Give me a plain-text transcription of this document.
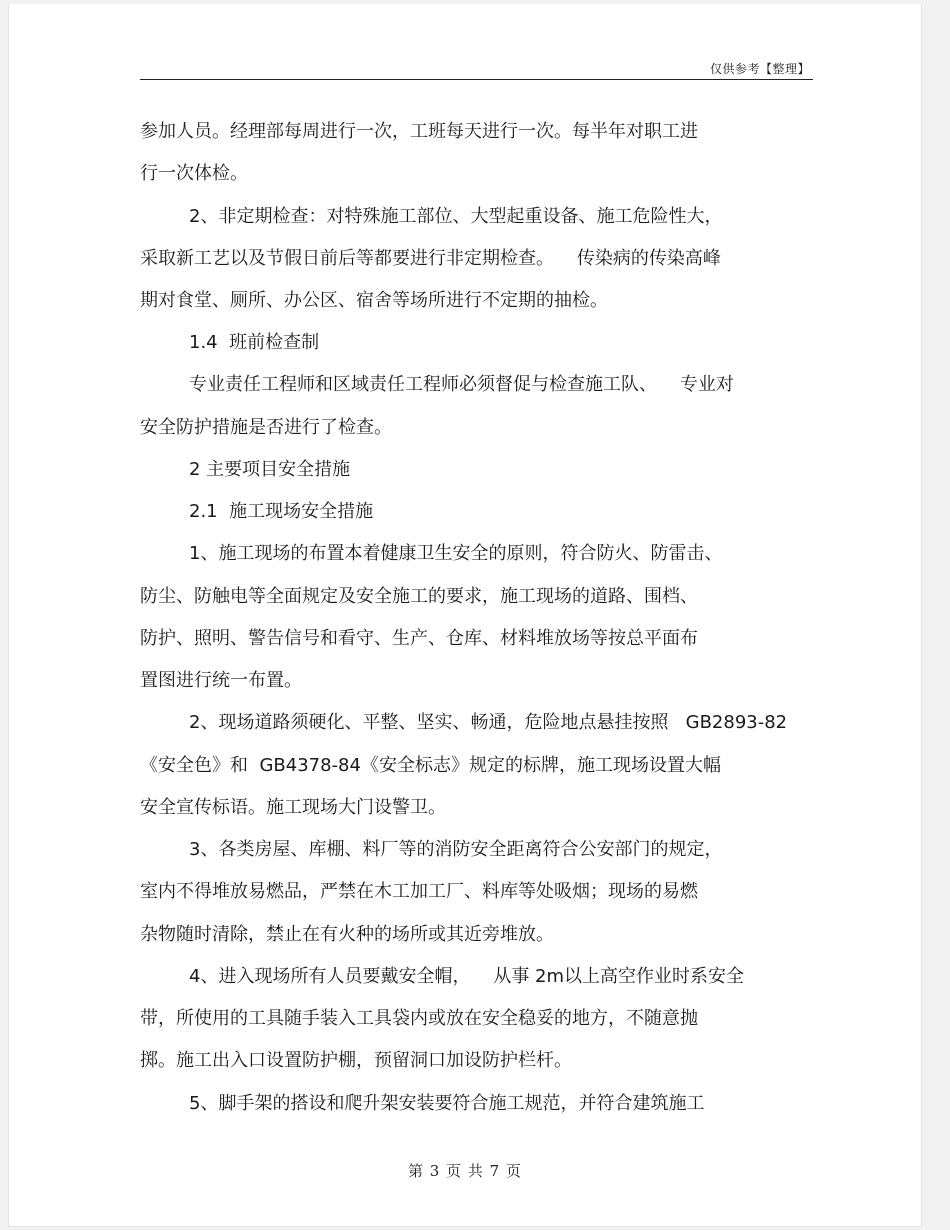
仅供参考【整理】
参加人员。经理部每周进行一次，工班每天进行一次。每半年对职工进
行一次体检。
2、非定期检查：对特殊施工部位、大型起重设备、施工危险性大，
采取新工艺以及节假日前后等都要进行非定期检查。    传染病的传染高峰
期对食堂、厕所、办公区、宿舍等场所进行不定期的抽检。
1.4  班前检查制
专业责任工程师和区域责任工程师必须督促与检查施工队、    专业对
安全防护措施是否进行了检查。
2 主要项目安全措施
2.1  施工现场安全措施
1、施工现场的布置本着健康卫生安全的原则，符合防火、防雷击、
防尘、防触电等全面规定及安全施工的要求，施工现场的道路、围档、
防护、照明、警告信号和看守、生产、仓库、材料堆放场等按总平面布
置图进行统一布置。
2、现场道路须硬化、平整、坚实、畅通，危险地点悬挂按照   GB2893-82
《安全色》和  GB4378-84《安全标志》规定的标牌，施工现场设置大幅
安全宣传标语。施工现场大门设警卫。
3、各类房屋、库棚、料厂等的消防安全距离符合公安部门的规定，
室内不得堆放易燃品，严禁在木工加工厂、料库等处吸烟；现场的易燃
杂物随时清除，禁止在有火种的场所或其近旁堆放。
4、进入现场所有人员要戴安全帽，    从事 2m以上高空作业时系安全
带，所使用的工具随手装入工具袋内或放在安全稳妥的地方，不随意抛
掷。施工出入口设置防护棚，预留洞口加设防护栏杆。
5、脚手架的搭设和爬升架安装要符合施工规范，并符合建筑施工
第 3 页 共 7 页
